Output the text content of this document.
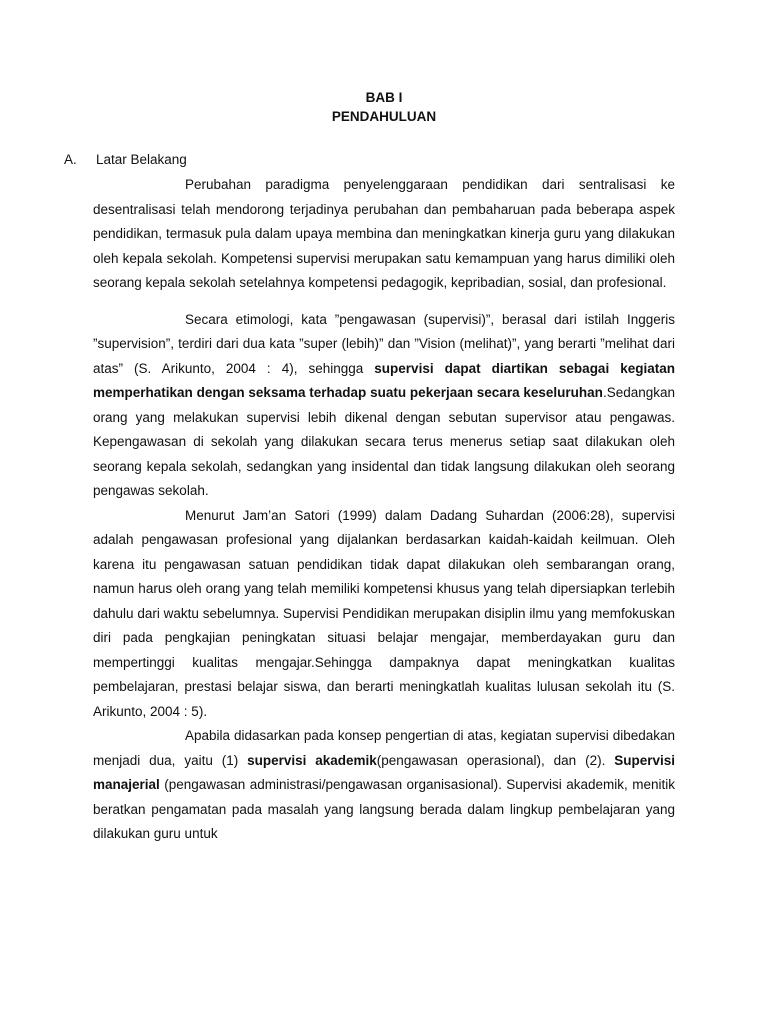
BAB I
PENDAHULUAN
A. Latar Belakang

Perubahan paradigma penyelenggaraan pendidikan dari sentralisasi ke desentralisasi telah mendorong terjadinya perubahan dan pembaharuan pada beberapa aspek pendidikan, termasuk pula dalam upaya membina dan meningkatkan kinerja guru yang dilakukan oleh kepala sekolah. Kompetensi supervisi merupakan satu kemampuan yang harus dimiliki oleh seorang kepala sekolah setelahnya kompetensi pedagogik, kepribadian, sosial, dan profesional.

Secara etimologi, kata ”pengawasan (supervisi)”, berasal dari istilah Inggeris ”supervision”, terdiri dari dua kata ”super (lebih)” dan ”Vision (melihat)”, yang berarti ”melihat dari atas” (S. Arikunto, 2004 : 4), sehingga supervisi dapat diartikan sebagai kegiatan memperhatikan dengan seksama terhadap suatu pekerjaan secara keseluruhan.Sedangkan orang yang melakukan supervisi lebih dikenal dengan sebutan supervisor atau pengawas. Kepengawasan di sekolah yang dilakukan secara terus menerus setiap saat dilakukan oleh seorang kepala sekolah, sedangkan yang insidental dan tidak langsung dilakukan oleh seorang pengawas sekolah.

Menurut Jam’an Satori (1999) dalam Dadang Suhardan (2006:28), supervisi adalah pengawasan profesional yang dijalankan berdasarkan kaidah-kaidah keilmuan. Oleh karena itu pengawasan satuan pendidikan tidak dapat dilakukan oleh sembarangan orang, namun harus oleh orang yang telah memiliki kompetensi khusus yang telah dipersiapkan terlebih dahulu dari waktu sebelumnya. Supervisi Pendidikan merupakan disiplin ilmu yang memfokuskan diri pada pengkajian peningkatan situasi belajar mengajar, memberdayakan guru dan mempertinggi kualitas mengajar.Sehingga dampaknya dapat meningkatkan kualitas pembelajaran, prestasi belajar siswa, dan berarti meningkatlah kualitas lulusan sekolah itu (S. Arikunto, 2004 : 5).

Apabila didasarkan pada konsep pengertian di atas, kegiatan supervisi dibedakan menjadi dua, yaitu (1) supervisi akademik(pengawasan operasional), dan (2). Supervisi manajerial (pengawasan administrasi/pengawasan organisasional). Supervisi akademik, menitik beratkan pengamatan pada masalah yang langsung berada dalam lingkup pembelajaran yang dilakukan guru untuk
